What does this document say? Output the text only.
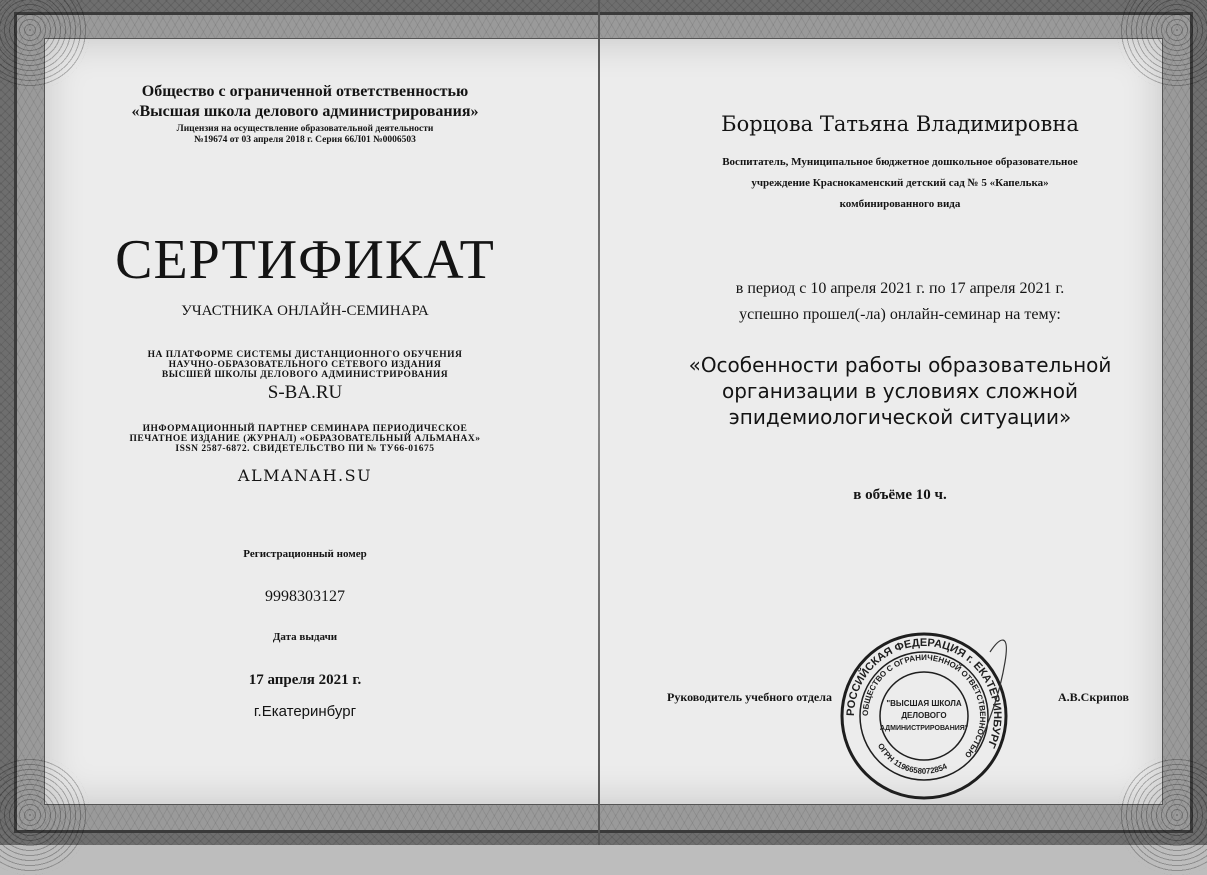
Общество с ограниченной ответственностью
«Высшая школа делового администрирования»
Лицензия на осуществление образовательной деятельности
№19674 от 03 апреля 2018 г. Серия 66Л01 №0006503
СЕРТИФИКАТ
УЧАСТНИКА ОНЛАЙН-СЕМИНАРА
НА ПЛАТФОРМЕ СИСТЕМЫ ДИСТАНЦИОННОГО ОБУЧЕНИЯ
НАУЧНО-ОБРАЗОВАТЕЛЬНОГО СЕТЕВОГО ИЗДАНИЯ
ВЫСШЕЙ ШКОЛЫ ДЕЛОВОГО АДМИНИСТРИРОВАНИЯ
S-BA.RU
ИНФОРМАЦИОННЫЙ ПАРТНЕР СЕМИНАРА ПЕРИОДИЧЕСКОЕ
ПЕЧАТНОЕ ИЗДАНИЕ (ЖУРНАЛ) «ОБРАЗОВАТЕЛЬНЫЙ АЛЬМАНАХ»
ISSN 2587-6872. СВИДЕТЕЛЬСТВО ПИ № ТУ66-01675
ALMANAH.SU
Регистрационный номер
9998303127
Дата выдачи
17 апреля 2021 г.
г.Екатеринбург
Борцова Татьяна Владимировна
Воспитатель, Муниципальное бюджетное дошкольное образовательное
учреждение Краснокаменский детский сад № 5 «Капелька»
комбинированного вида
в период с 10 апреля 2021 г. по 17 апреля 2021 г.
успешно прошел(-ла) онлайн-семинар на тему:
«Особенности работы образовательной
организации в условиях сложной
эпидемиологической ситуации»
в объёме 10 ч.
Руководитель учебного отдела	А.В.Скрипов
РОССИЙСКАЯ ФЕДЕРАЦИЯ г. ЕКАТЕРИНБУРГ
ОБЩЕСТВО С ОГРАНИЧЕННОЙ ОТВЕТСТВЕННОСТЬЮ
"ВЫСШАЯ ШКОЛА
ДЕЛОВОГО
АДМИНИСТРИРОВАНИЯ"
ОГРН 1196658072854
